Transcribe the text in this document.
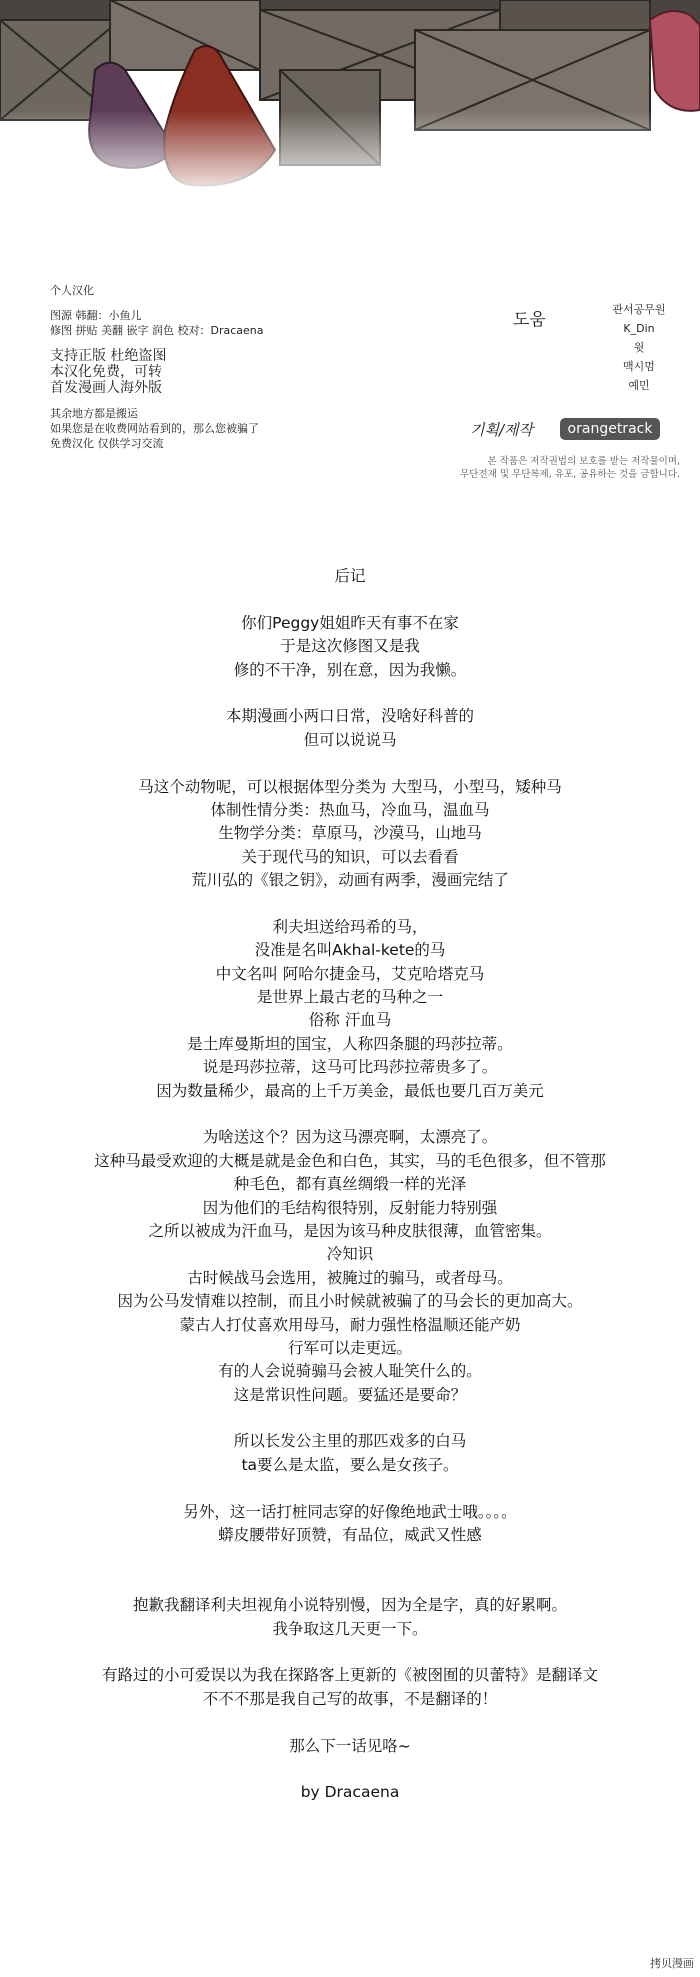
个人汉化
图源 韩翻：小鱼儿
修图 拼贴 美翻 嵌字 润色 校对：Dracaena
支持正版 杜绝盗图
本汉化免费，可转
首发漫画人海外版
其余地方都是搬运
如果您是在收费网站看到的，那么您被骗了
免费汉化 仅供学习交流
도움
관서공무원
K_Din
윗
맥시멈
예민
기획/제작	orangetrack
본 작품은 저작권법의 보호를 받는 저작물이며,
무단전재 및 무단복제, 유포, 공유하는 것을 금합니다.
后记
你们Peggy姐姐昨天有事不在家
于是这次修图又是我
修的不干净，别在意，因为我懒。
本期漫画小两口日常，没啥好科普的
但可以说说马
马这个动物呢，可以根据体型分类为 大型马，小型马，矮种马
体制性情分类：热血马，冷血马，温血马
生物学分类：草原马，沙漠马，山地马
关于现代马的知识，可以去看看
荒川弘的《银之钥》，动画有两季，漫画完结了
利夫坦送给玛希的马，
没准是名叫Akhal-kete的马
中文名叫 阿哈尔捷金马，艾克哈塔克马
是世界上最古老的马种之一
俗称 汗血马
是土库曼斯坦的国宝，人称四条腿的玛莎拉蒂。
说是玛莎拉蒂，这马可比玛莎拉蒂贵多了。
因为数量稀少，最高的上千万美金，最低也要几百万美元
为啥送这个？因为这马漂亮啊，太漂亮了。
这种马最受欢迎的大概是就是金色和白色，其实，马的毛色很多，但不管那
种毛色，都有真丝绸缎一样的光泽
因为他们的毛结构很特别，反射能力特别强
之所以被成为汗血马，是因为该马种皮肤很薄，血管密集。
冷知识
古时候战马会选用，被腌过的骟马，或者母马。
因为公马发情难以控制，而且小时候就被骗了的马会长的更加高大。
蒙古人打仗喜欢用母马，耐力强性格温顺还能产奶
行军可以走更远。
有的人会说骑骟马会被人耻笑什么的。
这是常识性问题。要猛还是要命？
所以长发公主里的那匹戏多的白马
ta要么是太监，要么是女孩子。
另外，这一话打桩同志穿的好像绝地武士哦。。。。
蟒皮腰带好顶赞，有品位，威武又性感
抱歉我翻译利夫坦视角小说特别慢，因为全是字，真的好累啊。
我争取这几天更一下。
有路过的小可爱误以为我在探路客上更新的《被囹囿的贝蕾特》是翻译文
不不不那是我自己写的故事，不是翻译的！
那么下一话见咯~
by Dracaena
拷贝漫画
